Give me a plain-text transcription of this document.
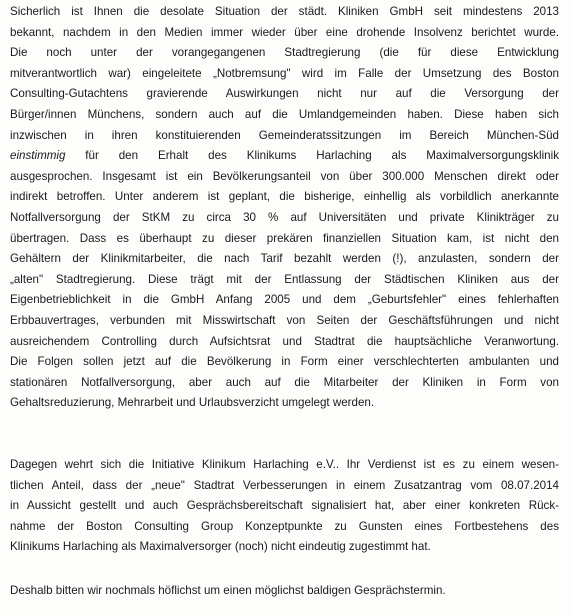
Sicherlich ist Ihnen die desolate Situation der städt. Kliniken GmbH seit mindestens 2013
bekannt, nachdem in den Medien immer wieder über eine drohende Insolvenz berichtet wurde.
Die noch unter der vorangegangenen Stadtregierung (die für diese Entwicklung
mitverantwortlich war) eingeleitete „Notbremsung" wird im Falle der Umsetzung des Boston
Consulting-Gutachtens gravierende Auswirkungen nicht nur auf die Versorgung der
Bürger/innen Münchens, sondern auch auf die Umlandgemeinden haben. Diese haben sich
inzwischen in ihren konstituierenden Gemeinderatssitzungen im Bereich München-Süd
einstimmig für den Erhalt des Klinikums Harlaching als Maximalversorgungsklinik
ausgesprochen. Insgesamt ist ein Bevölkerungsanteil von über 300.000 Menschen direkt oder
indirekt betroffen. Unter anderem ist geplant, die bisherige, einhellig als vorbildlich anerkannte
Notfallversorgung der StKM zu circa 30 % auf Universitäten und private Klinikträger zu
übertragen. Dass es überhaupt zu dieser prekären finanziellen Situation kam, ist nicht den
Gehältern der Klinikmitarbeiter, die nach Tarif bezahlt werden (!), anzulasten, sondern der
„alten" Stadtregierung. Diese trägt mit der Entlassung der Städtischen Kliniken aus der
Eigenbetrieblichkeit in die GmbH Anfang 2005 und dem „Geburtsfehler" eines fehlerhaften
Erbbauvertrages, verbunden mit Misswirtschaft von Seiten der Geschäftsführungen und nicht
ausreichendem Controlling durch Aufsichtsrat und Stadtrat die hauptsächliche Veranwortung.
Die Folgen sollen jetzt auf die Bevölkerung in Form einer verschlechterten ambulanten und
stationären Notfallversorgung, aber auch auf die Mitarbeiter der Kliniken in Form von
Gehaltsreduzierung, Mehrarbeit und Urlaubsverzicht umgelegt werden.
Dagegen wehrt sich die Initiative Klinikum Harlaching e.V.. Ihr Verdienst ist es zu einem wesen-
tlichen Anteil, dass der „neue" Stadtrat Verbesserungen in einem Zusatzantrag vom 08.07.2014
in Aussicht gestellt und auch Gesprächsbereitschaft signalisiert hat, aber einer konkreten Rück-
nahme der Boston Consulting Group Konzeptpunkte zu Gunsten eines Fortbestehens des
Klinikums Harlaching als Maximalversorger (noch) nicht eindeutig zugestimmt hat.
Deshalb bitten wir nochmals höflichst um einen möglichst baldigen Gesprächstermin.
